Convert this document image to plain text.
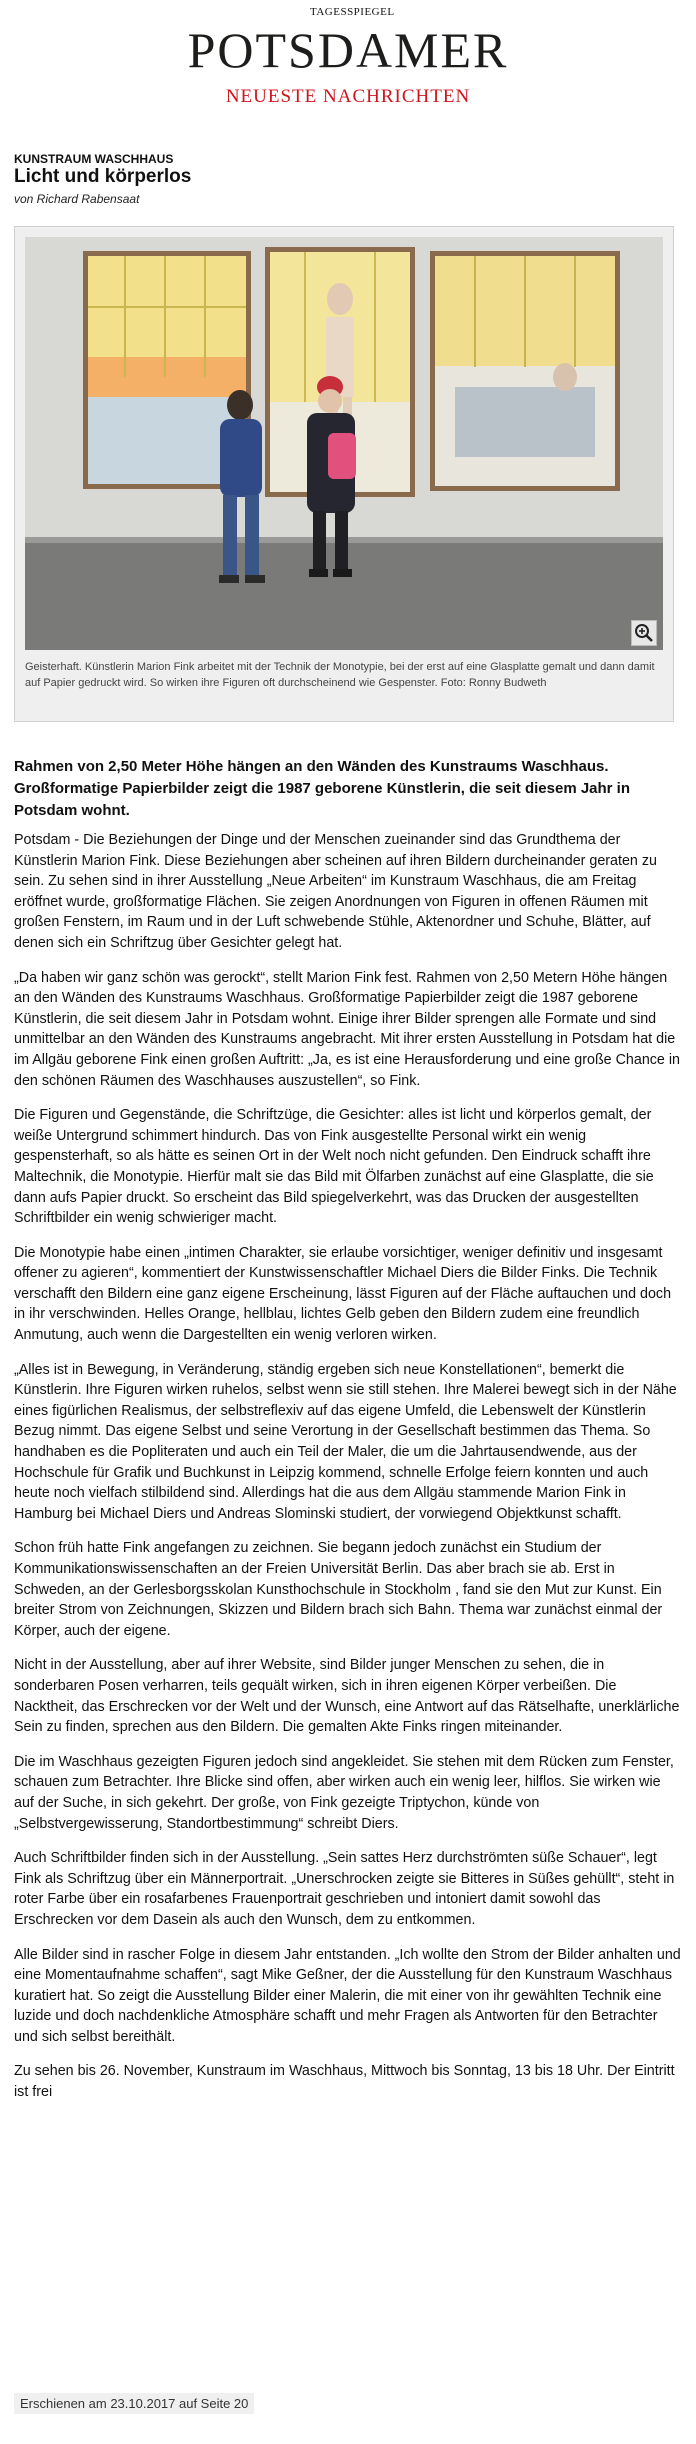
TAGESSPIEGEL
POTSDAMER
NEUESTE NACHRICHTEN
KUNSTRAUM WASCHHAUS
Licht und körperlos
von Richard Rabensaat
Geisterhaft. Künstlerin Marion Fink arbeitet mit der Technik der Monotypie, bei der erst auf eine Glasplatte gemalt und dann damit auf Papier gedruckt wird. So wirken ihre Figuren oft durchscheinend wie Gespenster. Foto: Ronny Budweth
Rahmen von 2,50 Meter Höhe hängen an den Wänden des Kunstraums Waschhaus. Großformatige Papierbilder zeigt die 1987 geborene Künstlerin, die seit diesem Jahr in Potsdam wohnt.

Potsdam - Die Beziehungen der Dinge und der Menschen zueinander sind das Grundthema der Künstlerin Marion Fink. Diese Beziehungen aber scheinen auf ihren Bildern durcheinander geraten zu sein. Zu sehen sind in ihrer Ausstellung „Neue Arbeiten“ im Kunstraum Waschhaus, die am Freitag eröffnet wurde, großformatige Flächen. Sie zeigen Anordnungen von Figuren in offenen Räumen mit großen Fenstern, im Raum und in der Luft schwebende Stühle, Aktenordner und Schuhe, Blätter, auf denen sich ein Schriftzug über Gesichter gelegt hat.

„Da haben wir ganz schön was gerockt“, stellt Marion Fink fest. Rahmen von 2,50 Metern Höhe hängen an den Wänden des Kunstraums Waschhaus. Großformatige Papierbilder zeigt die 1987 geborene Künstlerin, die seit diesem Jahr in Potsdam wohnt. Einige ihrer Bilder sprengen alle Formate und sind unmittelbar an den Wänden des Kunstraums angebracht. Mit ihrer ersten Ausstellung in Potsdam hat die im Allgäu geborene Fink einen großen Auftritt: „Ja, es ist eine Herausforderung und eine große Chance in den schönen Räumen des Waschhauses auszustellen“, so Fink.

Die Figuren und Gegenstände, die Schriftzüge, die Gesichter: alles ist licht und körperlos gemalt, der weiße Untergrund schimmert hindurch. Das von Fink ausgestellte Personal wirkt ein wenig gespensterhaft, so als hätte es seinen Ort in der Welt noch nicht gefunden. Den Eindruck schafft ihre Maltechnik, die Monotypie. Hierfür malt sie das Bild mit Ölfarben zunächst auf eine Glasplatte, die sie dann aufs Papier druckt. So erscheint das Bild spiegelverkehrt, was das Drucken der ausgestellten Schriftbilder ein wenig schwieriger macht.

Die Monotypie habe einen „intimen Charakter, sie erlaube vorsichtiger, weniger definitiv und insgesamt offener zu agieren“, kommentiert der Kunstwissenschaftler Michael Diers die Bilder Finks. Die Technik verschafft den Bildern eine ganz eigene Erscheinung, lässt Figuren auf der Fläche auftauchen und doch in ihr verschwinden. Helles Orange, hellblau, lichtes Gelb geben den Bildern zudem eine freundlich Anmutung, auch wenn die Dargestellten ein wenig verloren wirken.

„Alles ist in Bewegung, in Veränderung, ständig ergeben sich neue Konstellationen“, bemerkt die Künstlerin. Ihre Figuren wirken ruhelos, selbst wenn sie still stehen. Ihre Malerei bewegt sich in der Nähe eines figürlichen Realismus, der selbstreflexiv auf das eigene Umfeld, die Lebenswelt der Künstlerin Bezug nimmt. Das eigene Selbst und seine Verortung in der Gesellschaft bestimmen das Thema. So handhaben es die Popliteraten und auch ein Teil der Maler, die um die Jahrtausendwende, aus der Hochschule für Grafik und Buchkunst in Leipzig kommend, schnelle Erfolge feiern konnten und auch heute noch vielfach stilbildend sind. Allerdings hat die aus dem Allgäu stammende Marion Fink in Hamburg bei Michael Diers und Andreas Slominski studiert, der vorwiegend Objektkunst schafft.

Schon früh hatte Fink angefangen zu zeichnen. Sie begann jedoch zunächst ein Studium der Kommunikationswissenschaften an der Freien Universität Berlin. Das aber brach sie ab. Erst in Schweden, an der Gerlesborgsskolan Kunsthochschule in Stockholm , fand sie den Mut zur Kunst. Ein breiter Strom von Zeichnungen, Skizzen und Bildern brach sich Bahn. Thema war zunächst einmal der Körper, auch der eigene.

Nicht in der Ausstellung, aber auf ihrer Website, sind Bilder junger Menschen zu sehen, die in sonderbaren Posen verharren, teils gequält wirken, sich in ihren eigenen Körper verbeißen. Die Nacktheit, das Erschrecken vor der Welt und der Wunsch, eine Antwort auf das Rätselhafte, unerklärliche Sein zu finden, sprechen aus den Bildern. Die gemalten Akte Finks ringen miteinander.

Die im Waschhaus gezeigten Figuren jedoch sind angekleidet. Sie stehen mit dem Rücken zum Fenster, schauen zum Betrachter. Ihre Blicke sind offen, aber wirken auch ein wenig leer, hilflos. Sie wirken wie auf der Suche, in sich gekehrt. Der große, von Fink gezeigte Triptychon, künde von „Selbstvergewisserung, Standortbestimmung“ schreibt Diers.

Auch Schriftbilder finden sich in der Ausstellung. „Sein sattes Herz durchströmten süße Schauer“, legt Fink als Schriftzug über ein Männerportrait. „Unerschrocken zeigte sie Bitteres in Süßes gehüllt“, steht in roter Farbe über ein rosafarbenes Frauenportrait geschrieben und intoniert damit sowohl das Erschrecken vor dem Dasein als auch den Wunsch, dem zu entkommen.

Alle Bilder sind in rascher Folge in diesem Jahr entstanden. „Ich wollte den Strom der Bilder anhalten und eine Momentaufnahme schaffen“, sagt Mike Geßner, der die Ausstellung für den Kunstraum Waschhaus kuratiert hat. So zeigt die Ausstellung Bilder einer Malerin, die mit einer von ihr gewählten Technik eine luzide und doch nachdenkliche Atmosphäre schafft und mehr Fragen als Antworten für den Betrachter und sich selbst bereithält.

Zu sehen bis 26. November, Kunstraum im Waschhaus, Mittwoch bis Sonntag, 13 bis 18 Uhr. Der Eintritt ist frei

Erschienen am 23.10.2017 auf Seite 20
